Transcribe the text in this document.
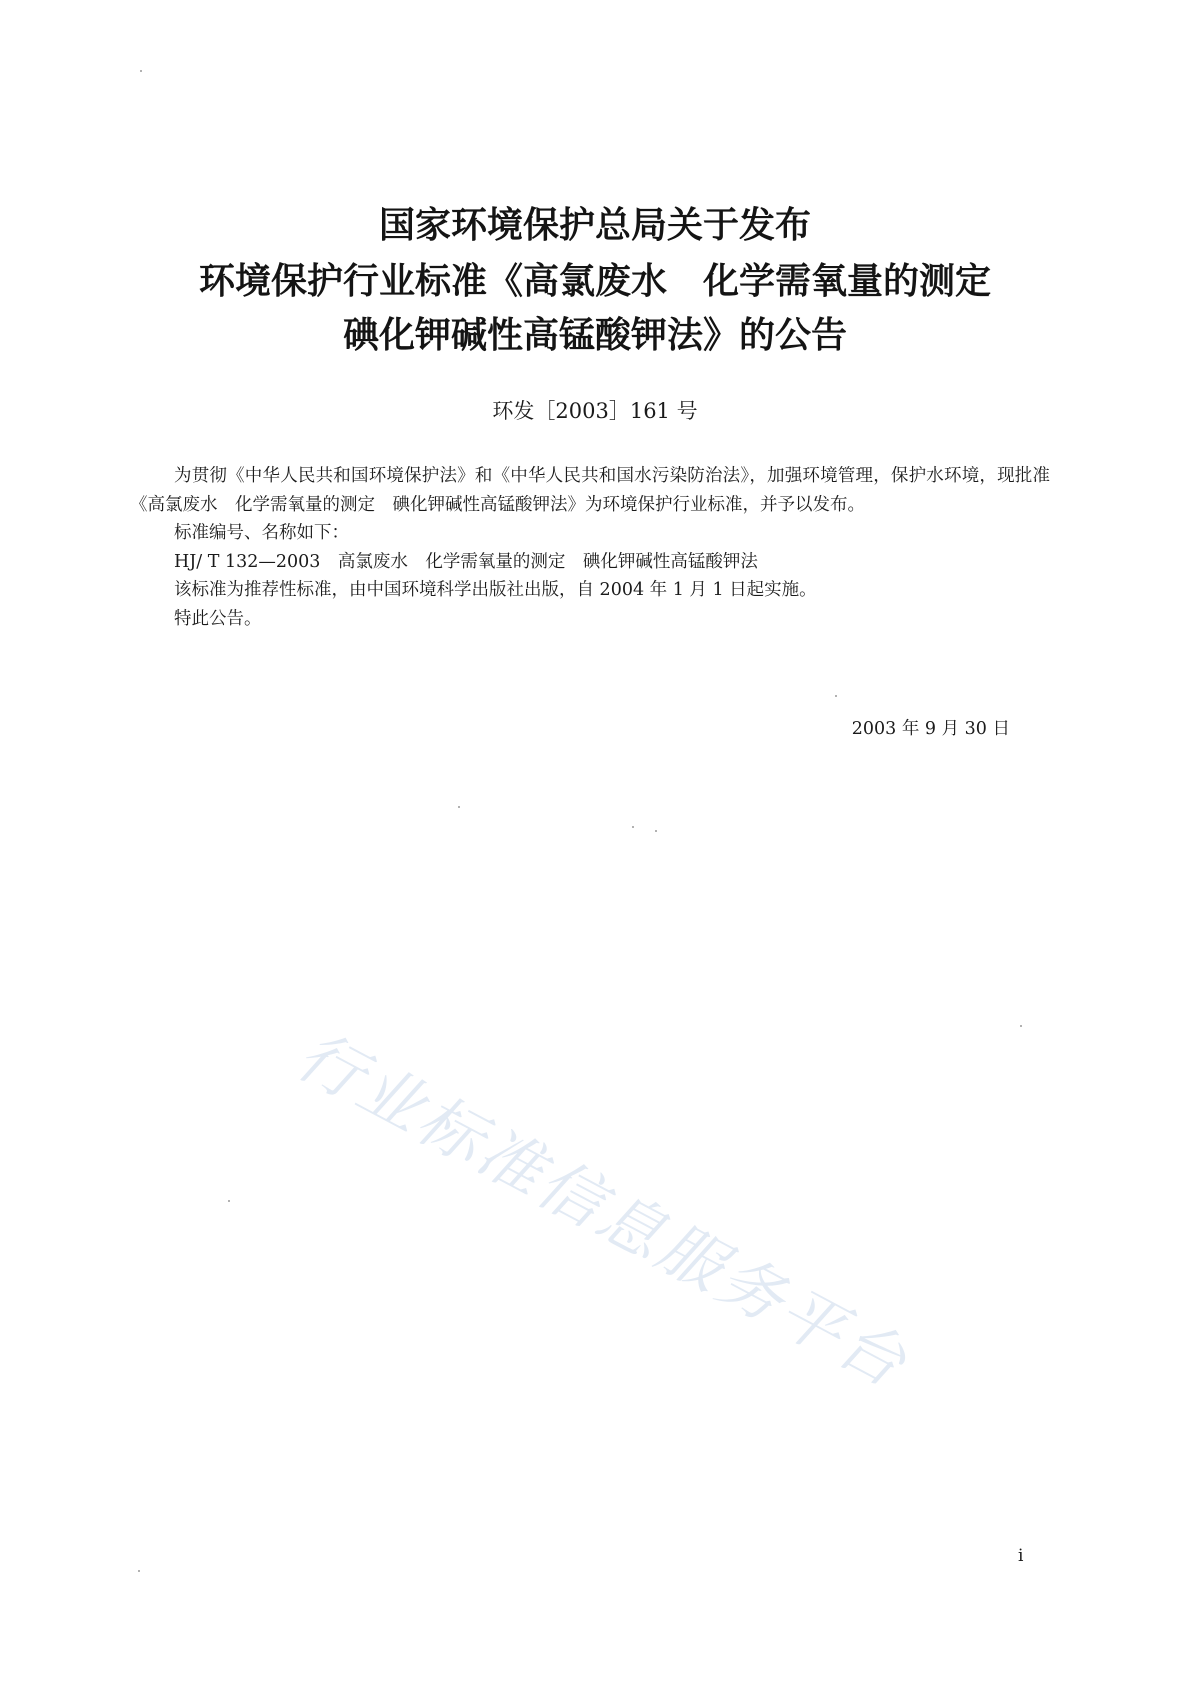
国家环境保护总局关于发布
环境保护行业标准《高氯废水　化学需氧量的测定
碘化钾碱性高锰酸钾法》的公告
环发［2003］161 号

为贯彻《中华人民共和国环境保护法》和《中华人民共和国水污染防治法》，加强环境管理，保护水环境，现批准《高氯废水　化学需氧量的测定　碘化钾碱性高锰酸钾法》为环境保护行业标准，并予以发布。

标准编号、名称如下：

HJ/ T 132—2003　高氯废水　化学需氧量的测定　碘化钾碱性高锰酸钾法

该标准为推荐性标准，由中国环境科学出版社出版，自 2004 年 1 月 1 日起实施。

特此公告。

2003 年 9 月 30 日
i
行业标准信息服务平台
